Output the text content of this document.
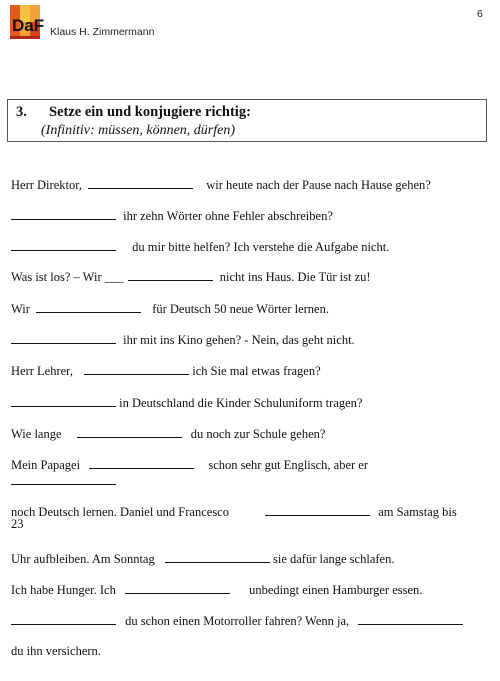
DaF Klaus H. Zimmermann
6
3. Setze ein und konjugiere richtig:
(Infinitiv: müssen, können, dürfen)
Herr Direktor,	wir heute nach der Pause nach Hause gehen?
ihr zehn Wörter ohne Fehler abschreiben?
du mir bitte helfen? Ich verstehe die Aufgabe nicht.
Was ist los? – Wir ___	nicht ins Haus. Die Tür ist zu!
Wir	für Deutsch 50 neue Wörter lernen.
ihr mit ins Kino gehen? - Nein, das geht nicht.
Herr Lehrer,	ich Sie mal etwas fragen?
in Deutschland die Kinder Schuluniform tragen?
Wie lange	du noch zur Schule gehen?
Mein Papagei	schon sehr gut Englisch, aber er
noch Deutsch lernen. Daniel und Francesco	am Samstag bis
23
Uhr aufbleiben. Am Sonntag	sie dafür lange schlafen.
Ich habe Hunger. Ich	unbedingt einen Hamburger essen.
du schon einen Motorroller fahren? Wenn ja,
du ihn versichern.
